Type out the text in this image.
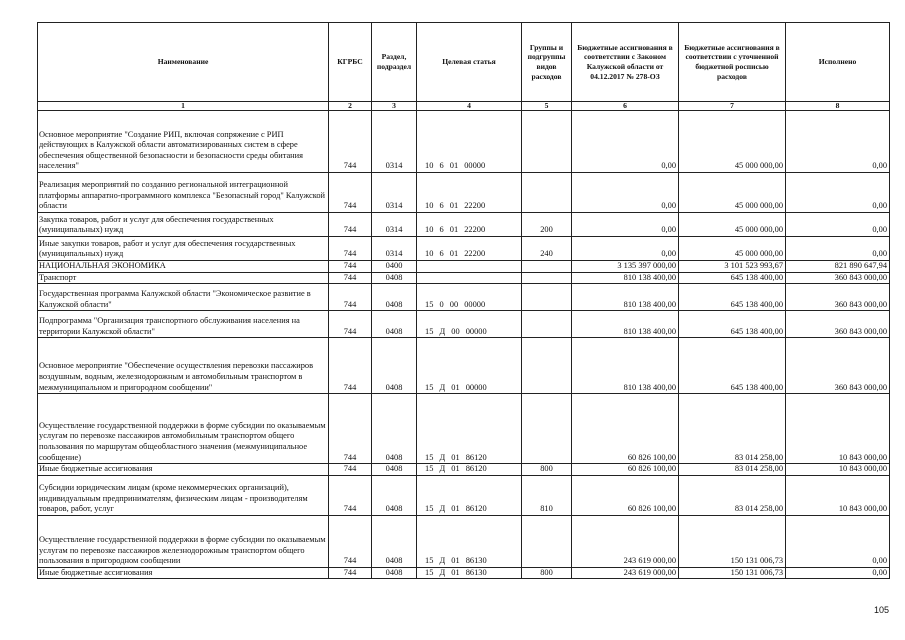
Наименование	КГРБС	Раздел, подраздел	Целевая статья	Группы и подгруппы видов расходов	Бюджетные ассигнования в соответствии с Законом Калужской области от 04.12.2017 № 278-ОЗ	Бюджетные ассигнования в соответствии с уточненной бюджетной росписью расходов	Исполнено
1	2	3	4	5	6	7	8
Основное мероприятие "Создание РИП, включая сопряжение с РИП действующих в Калужской области автоматизированных систем в сфере обеспечения общественной безопасности и безопасности среды обитания населения"	744	0314	10 6 01 00000		0,00	45 000 000,00	0,00
Реализация мероприятий по созданию региональной интеграционной платформы аппаратно-программного комплекса "Безопасный город" Калужской области	744	0314	10 6 01 22200		0,00	45 000 000,00	0,00
Закупка товаров, работ и услуг для обеспечения государственных (муниципальных) нужд	744	0314	10 6 01 22200	200	0,00	45 000 000,00	0,00
Иные закупки товаров, работ и услуг для обеспечения государственных (муниципальных) нужд	744	0314	10 6 01 22200	240	0,00	45 000 000,00	0,00
НАЦИОНАЛЬНАЯ ЭКОНОМИКА	744	0400			3 135 397 000,00	3 101 523 993,67	821 890 647,94
Транспорт	744	0408			810 138 400,00	645 138 400,00	360 843 000,00
Государственная программа Калужской области "Экономическое развитие в Калужской области"	744	0408	15 0 00 00000		810 138 400,00	645 138 400,00	360 843 000,00
Подпрограмма "Организация транспортного обслуживания населения на территории Калужской области"	744	0408	15 Д 00 00000		810 138 400,00	645 138 400,00	360 843 000,00
Основное мероприятие "Обеспечение осуществления перевозки пассажиров воздушным, водным, железнодорожным и автомобильным транспортом в межмуниципальном и пригородном сообщении"	744	0408	15 Д 01 00000		810 138 400,00	645 138 400,00	360 843 000,00
Осуществление государственной поддержки в форме субсидии по оказываемым услугам по перевозке пассажиров автомобильным транспортом общего пользования по маршрутам общеобластного значения (межмуниципальное сообщение)	744	0408	15 Д 01 86120		60 826 100,00	83 014 258,00	10 843 000,00
Иные бюджетные ассигнования	744	0408	15 Д 01 86120	800	60 826 100,00	83 014 258,00	10 843 000,00
Субсидии юридическим лицам (кроме некоммерческих организаций), индивидуальным предпринимателям, физическим лицам - производителям товаров, работ, услуг	744	0408	15 Д 01 86120	810	60 826 100,00	83 014 258,00	10 843 000,00
Осуществление государственной поддержки в форме субсидии по оказываемым услугам по перевозке пассажиров железнодорожным транспортом общего пользования в пригородном сообщении	744	0408	15 Д 01 86130		243 619 000,00	150 131 006,73	0,00
Иные бюджетные ассигнования	744	0408	15 Д 01 86130	800	243 619 000,00	150 131 006,73	0,00
105
